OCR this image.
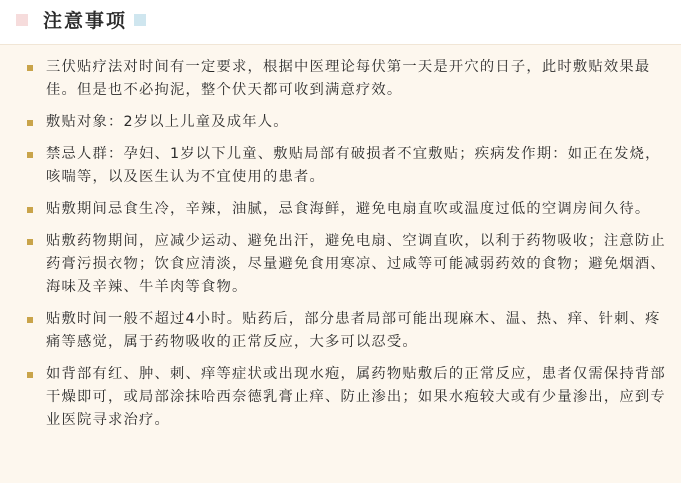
注意事项
三伏贴疗法对时间有一定要求，根据中医理论每伏第一天是开穴的日子，此时敷贴效果最佳。但是也不必拘泥，整个伏天都可收到满意疗效。
敷贴对象：2岁以上儿童及成年人。
禁忌人群：孕妇、1岁以下儿童、敷贴局部有破损者不宜敷贴；疾病发作期：如正在发烧，咳喘等，以及医生认为不宜使用的患者。
贴敷期间忌食生冷，辛辣，油腻，忌食海鲜，避免电扇直吹或温度过低的空调房间久待。
贴敷药物期间，应减少运动、避免出汗，避免电扇、空调直吹，以利于药物吸收；注意防止药膏污损衣物；饮食应清淡，尽量避免食用寒凉、过咸等可能减弱药效的食物；避免烟酒、海味及辛辣、牛羊肉等食物。
贴敷时间一般不超过4小时。贴药后，部分患者局部可能出现麻木、温、热、痒、针刺、疼痛等感觉，属于药物吸收的正常反应，大多可以忍受。
如背部有红、肿、刺、痒等症状或出现水疱，属药物贴敷后的正常反应，患者仅需保持背部干燥即可，或局部涂抹哈西奈德乳膏止痒、防止渗出；如果水疱较大或有少量渗出，应到专业医院寻求治疗。
